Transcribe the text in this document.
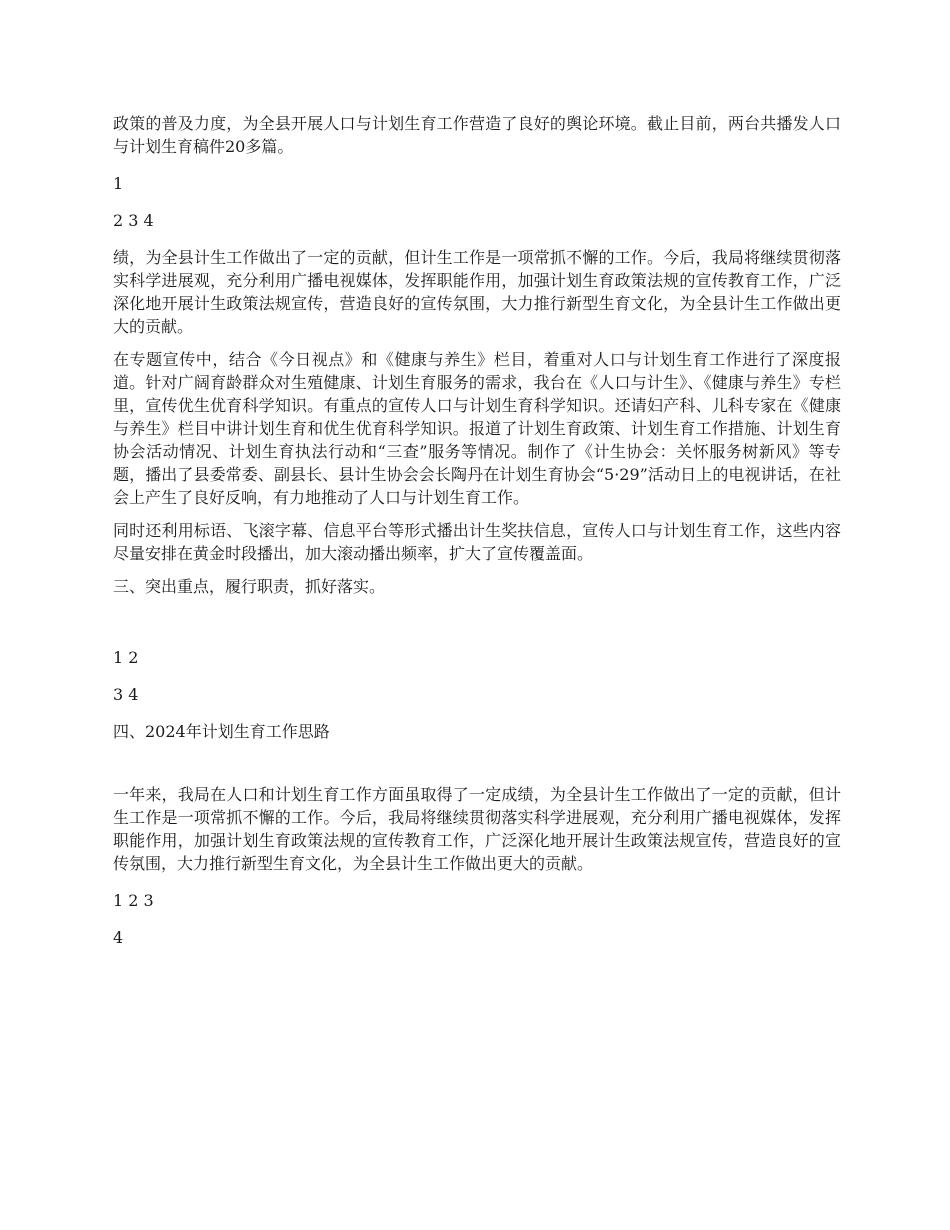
政策的普及力度，为全县开展人口与计划生育工作营造了良好的舆论环境。截止目前，两台共播发人口与计划生育稿件20多篇。

1

2 3 4

绩，为全县计生工作做出了一定的贡献，但计生工作是一项常抓不懈的工作。今后，我局将继续贯彻落实科学进展观，充分利用广播电视媒体，发挥职能作用，加强计划生育政策法规的宣传教育工作，广泛深化地开展计生政策法规宣传，营造良好的宣传氛围，大力推行新型生育文化，为全县计生工作做出更大的贡献。

在专题宣传中，结合《今日视点》和《健康与养生》栏目，着重对人口与计划生育工作进行了深度报道。针对广阔育龄群众对生殖健康、计划生育服务的需求，我台在《人口与计生》、《健康与养生》专栏里，宣传优生优育科学知识。有重点的宣传人口与计划生育科学知识。还请妇产科、儿科专家在《健康与养生》栏目中讲计划生育和优生优育科学知识。报道了计划生育政策、计划生育工作措施、计划生育协会活动情况、计划生育执法行动和“三查”服务等情况。制作了《计生协会：关怀服务树新风》等专题，播出了县委常委、副县长、县计生协会会长陶丹在计划生育协会“5·29”活动日上的电视讲话，在社会上产生了良好反响，有力地推动了人口与计划生育工作。

同时还利用标语、飞滚字幕、信息平台等形式播出计生奖扶信息，宣传人口与计划生育工作，这些内容尽量安排在黄金时段播出，加大滚动播出频率，扩大了宣传覆盖面。

三、突出重点，履行职责，抓好落实。

1 2

3 4

四、2024年计划生育工作思路

一年来，我局在人口和计划生育工作方面虽取得了一定成绩，为全县计生工作做出了一定的贡献，但计生工作是一项常抓不懈的工作。今后，我局将继续贯彻落实科学进展观，充分利用广播电视媒体，发挥职能作用，加强计划生育政策法规的宣传教育工作，广泛深化地开展计生政策法规宣传，营造良好的宣传氛围，大力推行新型生育文化，为全县计生工作做出更大的贡献。

1 2 3

4
